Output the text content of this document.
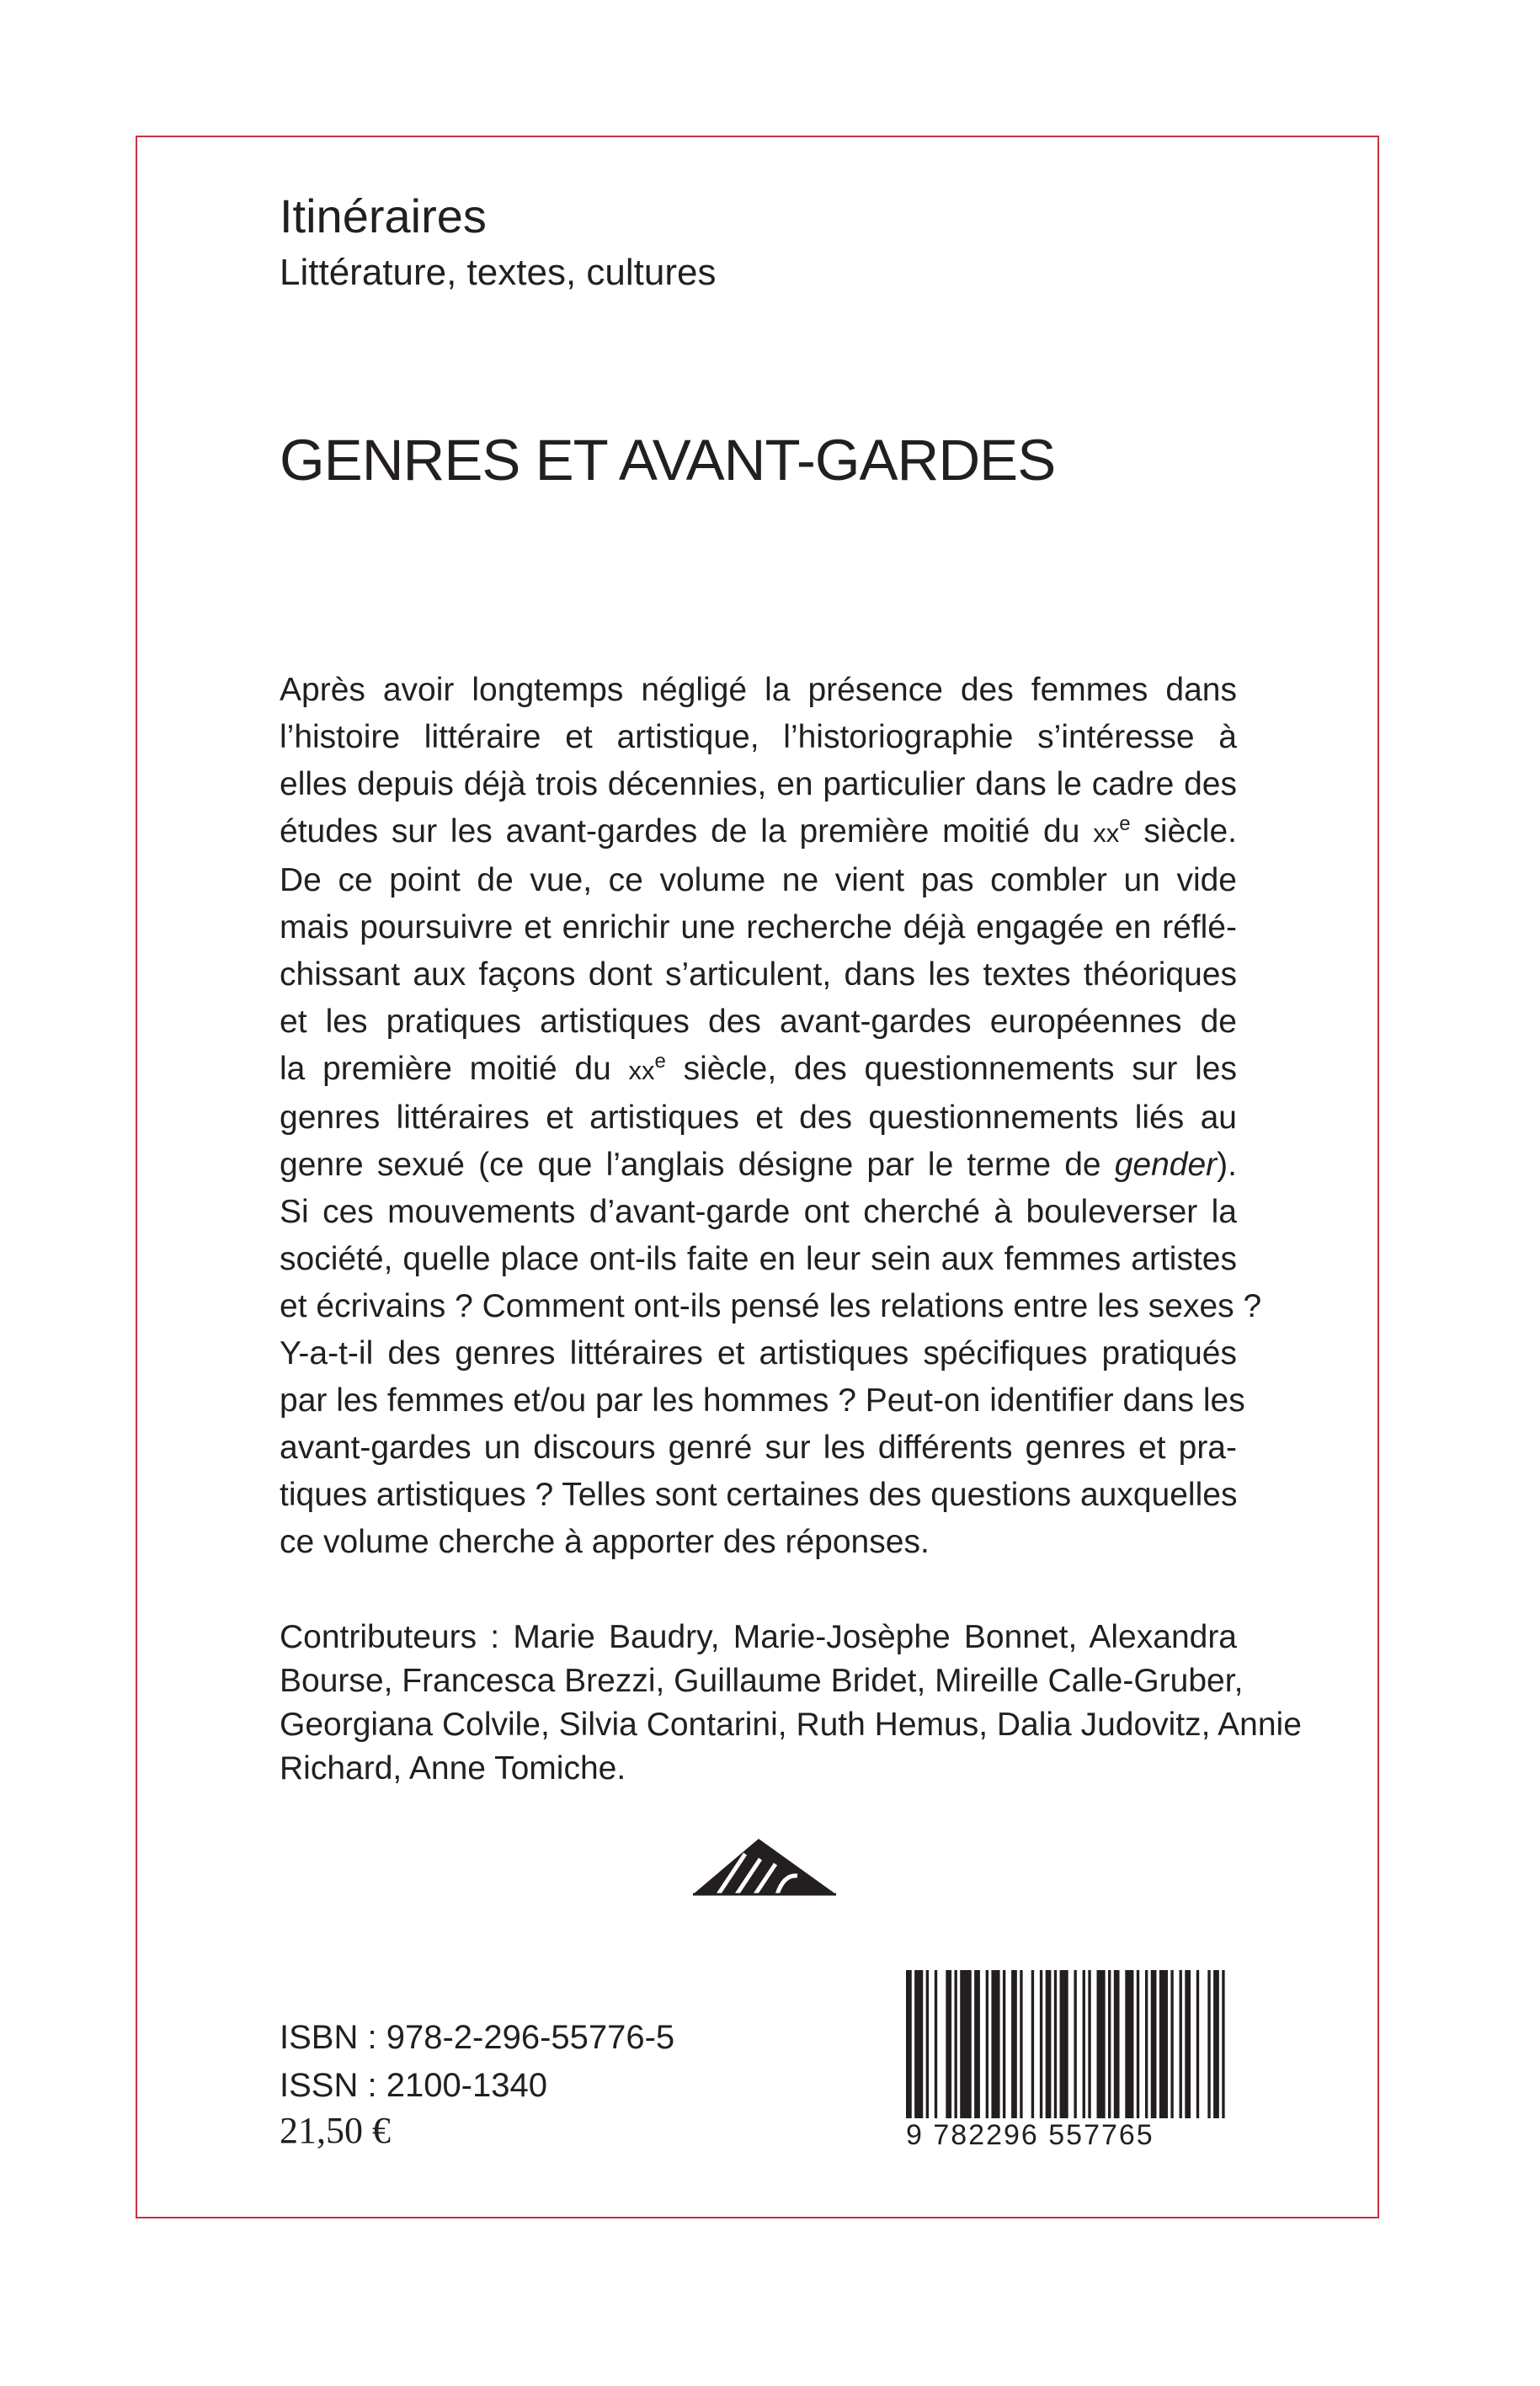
Itinéraires
Littérature, textes, cultures
GENRES ET AVANT-GARDES
Après avoir longtemps négligé la présence des femmes dans
l’histoire littéraire et artistique, l’historiographie s’intéresse à
elles depuis déjà trois décennies, en particulier dans le cadre des
études sur les avant-gardes de la première moitié du $xx^e$ siècle.
De ce point de vue, ce volume ne vient pas combler un vide
mais poursuivre et enrichir une recherche déjà engagée en réflé-
chissant aux façons dont s’articulent, dans les textes théoriques
et les pratiques artistiques des avant-gardes européennes de
la première moitié du $xx^e$ siècle, des questionnements sur les
genres littéraires et artistiques et des questionnements liés au
genre sexué (ce que l’anglais désigne par le terme de gender).
Si ces mouvements d’avant-garde ont cherché à bouleverser la
société, quelle place ont-ils faite en leur sein aux femmes artistes
et écrivains ? Comment ont-ils pensé les relations entre les sexes ?
Y-a-t-il des genres littéraires et artistiques spécifiques pratiqués
par les femmes et/ou par les hommes ? Peut-on identifier dans les
avant-gardes un discours genré sur les différents genres et pra-
tiques artistiques ? Telles sont certaines des questions auxquelles
ce volume cherche à apporter des réponses.
Contributeurs : Marie Baudry, Marie-Josèphe Bonnet, Alexandra
Bourse, Francesca Brezzi, Guillaume Bridet, Mireille Calle-Gruber,
Georgiana Colvile, Silvia Contarini, Ruth Hemus, Dalia Judovitz, Annie
Richard, Anne Tomiche.
ISBN : 978-2-296-55776-5
ISSN : 2100-1340
21,50 €	9 782296 557765
